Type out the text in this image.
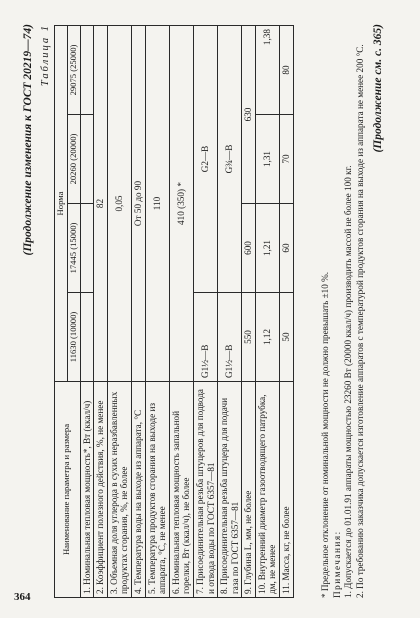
364
(Продолжение изменения к ГОСТ 20219—74) Таблица 1
Наименование параметра и размера	Норма			
	11630 (10000)	17445 (15000)	20260 (20000)	29075 (25000)
1. Номинальная тепловая мощность*, Вт (ккал/ч)				
2. Коэффициент полезного действия, %, не менее	82			
3. Объемная доля углерода в сухих неразбавленных продуктах сгорания, %, не более	0,05			
4. Температура воды на выходе из аппарата, °С	От 50 до 90			
5. Температура продуктов сгорания на выходе из аппарата, °С, не менее	110			
6. Номинальная тепловая мощность запальной горелки, Вт (ккал/ч), не более	410 (350) *			
7. Присоединительная резьба штуцеров для подвода и отвода воды по ГОСТ 6357—81	G1½—В	G2—В		
8. Присоединительная резьба штуцера для подачи газа по ГОСТ 6357—81	G1½—В	G¾—В		
9. Глубина L, мм, не более	550	600	630	
10. Внутренний диаметр газоотводящего патрубка, дм, не менее	1,12	1,21	1,31	1,38
11. Масса, кг, не более	50	60	70	80

* Предельное отклонение от номинальной мощности не должно превышать ±10 %. Примечания: 1. Допускается до 01.01.91 аппараты мощностью 23260 Вт (20000 ккал/ч) производить массой не более 100 кг. 2. По требованию заказчика допускается изготовление аппаратов с температурой продуктов сгорания на выходе из аппарата не менее 200 °С. (Продолжение см. с. 365)
